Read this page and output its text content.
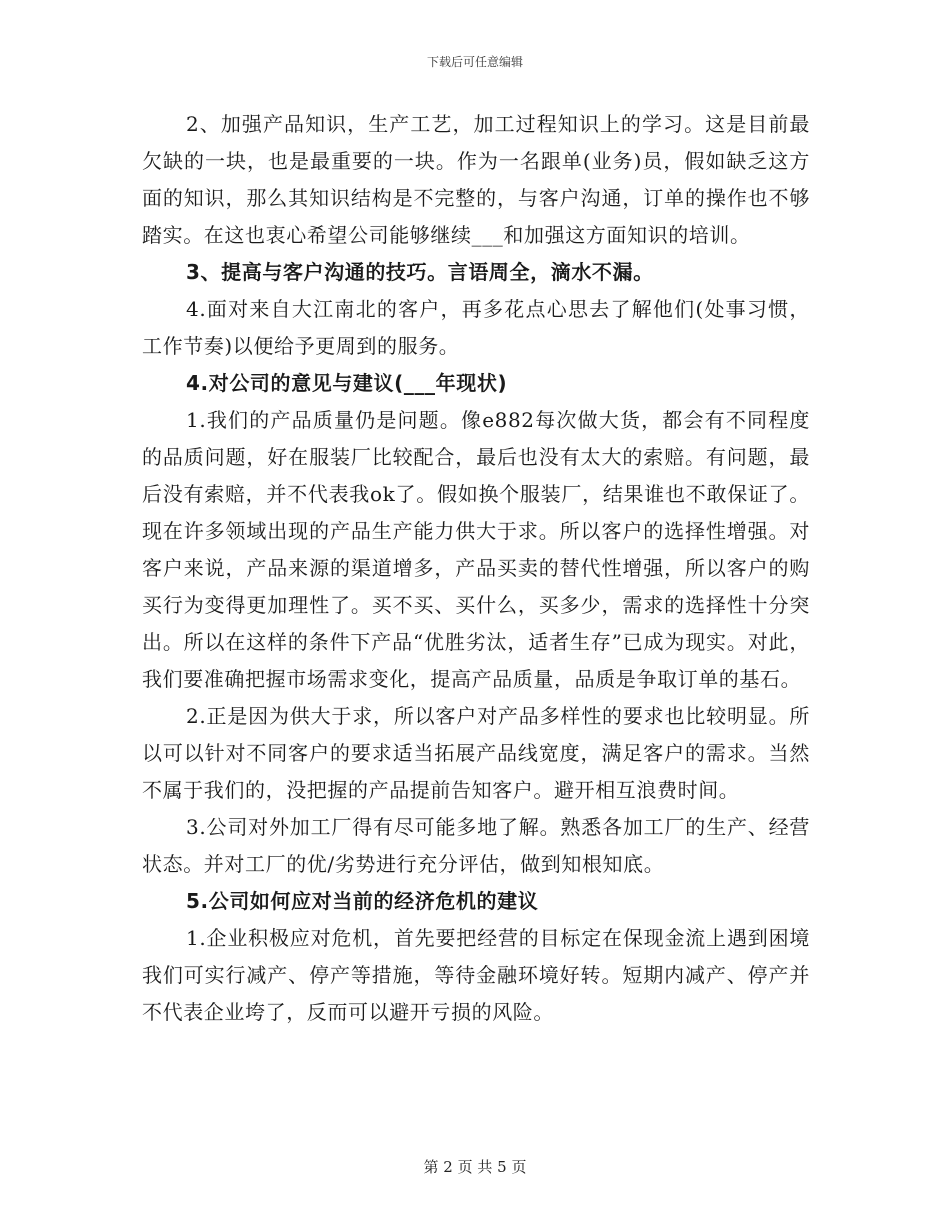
下载后可任意编辑

2、加强产品知识，生产工艺，加工过程知识上的学习。这是目前最欠缺的一块，也是最重要的一块。作为一名跟单(业务)员，假如缺乏这方面的知识，那么其知识结构是不完整的，与客户沟通，订单的操作也不够踏实。在这也衷心希望公司能够继续___和加强这方面知识的培训。

3、提高与客户沟通的技巧。言语周全，滴水不漏。

4.面对来自大江南北的客户，再多花点心思去了解他们(处事习惯，工作节奏)以便给予更周到的服务。

4.对公司的意见与建议(___年现状)

1.我们的产品质量仍是问题。像e882每次做大货，都会有不同程度的品质问题，好在服装厂比较配合，最后也没有太大的索赔。有问题，最后没有索赔，并不代表我ok了。假如换个服装厂，结果谁也不敢保证了。现在许多领域出现的产品生产能力供大于求。所以客户的选择性增强。对客户来说，产品来源的渠道增多，产品买卖的替代性增强，所以客户的购买行为变得更加理性了。买不买、买什么，买多少，需求的选择性十分突出。所以在这样的条件下产品“优胜劣汰，适者生存”已成为现实。对此，我们要准确把握市场需求变化，提高产品质量，品质是争取订单的基石。

2.正是因为供大于求，所以客户对产品多样性的要求也比较明显。所以可以针对不同客户的要求适当拓展产品线宽度，满足客户的需求。当然不属于我们的，没把握的产品提前告知客户。避开相互浪费时间。

3.公司对外加工厂得有尽可能多地了解。熟悉各加工厂的生产、经营状态。并对工厂的优/劣势进行充分评估，做到知根知底。

5.公司如何应对当前的经济危机的建议

1.企业积极应对危机，首先要把经营的目标定在保现金流上遇到困境我们可实行减产、停产等措施，等待金融环境好转。短期内减产、停产并不代表企业垮了，反而可以避开亏损的风险。

第 2 页 共 5 页
